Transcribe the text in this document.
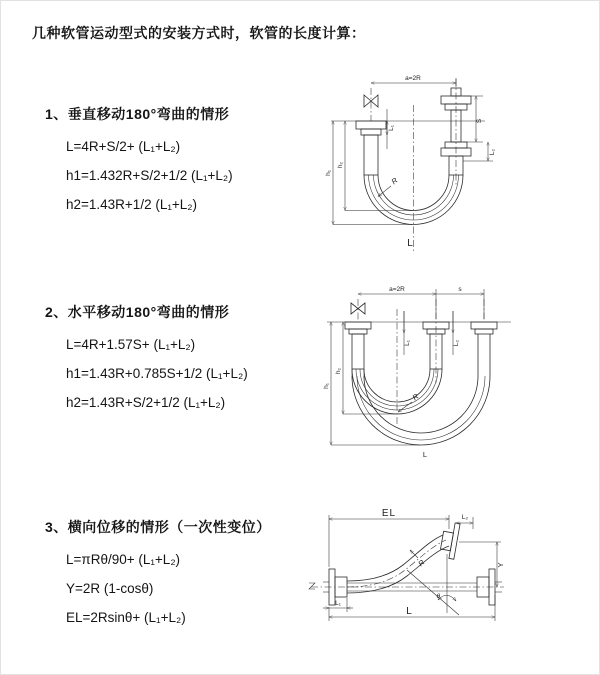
几种软管运动型式的安装方式时，软管的长度计算：

1、垂直移动180°弯曲的情形

L=4R+S/2+ (L₁+L₂)

h1=1.432R+S/2+1/2 (L₁+L₂)

h2=1.43R+1/2 (L₁+L₂)

2、水平移动180°弯曲的情形

L=4R+1.57S+ (L₁+L₂)

h1=1.43R+0.785S+1/2 (L₁+L₂)

h2=1.43R+S/2+1/2 (L₁+L₂)

3、横向位移的情形（一次性变位）

L=πRθ/90+ (L₁+L₂)

Y=2R (1-cosθ)

EL=2Rsinθ+ (L₁+L₂)

a=2R
S
L₂
L₁
h₂
h₁
R
L
a=2R	s
L₁	L₂
h₂
h₁
R
L
EL	L₂
Y
θ
R
L
L₁
